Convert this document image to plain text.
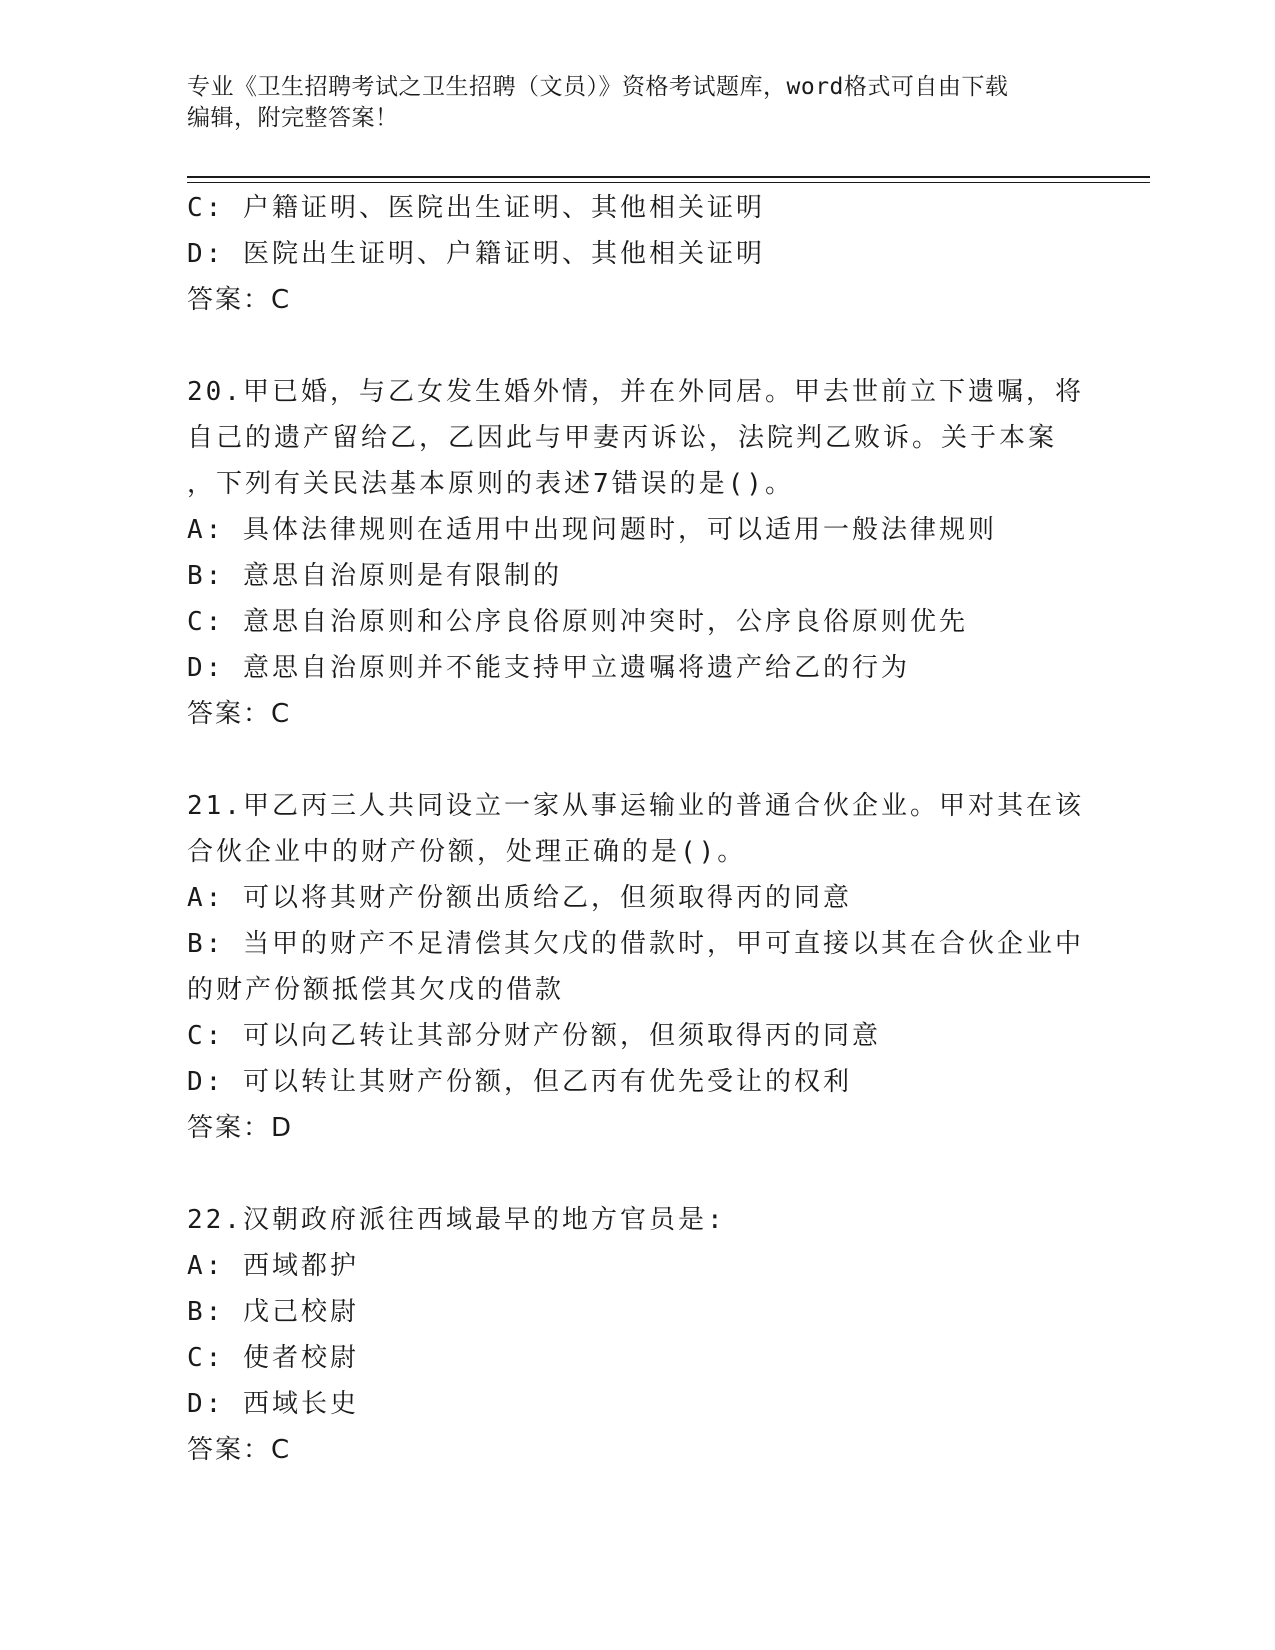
专业《卫生招聘考试之卫生招聘（文员）》资格考试题库，word格式可自由下载
编辑，附完整答案！
C: 户籍证明、医院出生证明、其他相关证明
D: 医院出生证明、户籍证明、其他相关证明
答案：C
20.甲已婚，与乙女发生婚外情，并在外同居。甲去世前立下遗嘱，将
自己的遗产留给乙，乙因此与甲妻丙诉讼，法院判乙败诉。关于本案
，下列有关民法基本原则的表述7错误的是()。
A: 具体法律规则在适用中出现问题时，可以适用一般法律规则
B: 意思自治原则是有限制的
C: 意思自治原则和公序良俗原则冲突时，公序良俗原则优先
D: 意思自治原则并不能支持甲立遗嘱将遗产给乙的行为
答案：C
21.甲乙丙三人共同设立一家从事运输业的普通合伙企业。甲对其在该
合伙企业中的财产份额，处理正确的是()。
A: 可以将其财产份额出质给乙，但须取得丙的同意
B: 当甲的财产不足清偿其欠戊的借款时，甲可直接以其在合伙企业中
的财产份额抵偿其欠戊的借款
C: 可以向乙转让其部分财产份额，但须取得丙的同意
D: 可以转让其财产份额，但乙丙有优先受让的权利
答案：D
22.汉朝政府派往西域最早的地方官员是:
A: 西域都护
B: 戊己校尉
C: 使者校尉
D: 西域长史
答案：C
